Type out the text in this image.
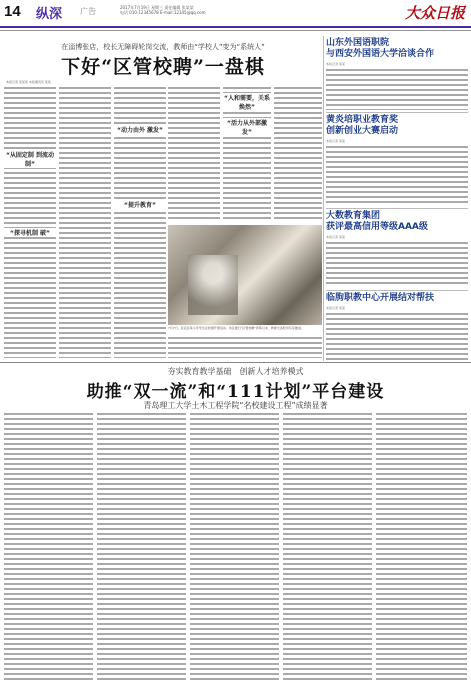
14 纵深 广告	2017年7月19日 星期三 责任编辑 张某某
电话 010-12345678 E-mail:12345@qq.com	大众日报
在淄博张店，校长无障碍轮岗交流，教师由“学校人”变为“系统人”
下好“区管校聘”一盘棋
本报记者 某某某 本报通讯员 某某
“从固定制 到流动制”
“探寻机制 破”
“提升教育”
“人和需要，关系焕然”
“活力从外部激发”
“动力由外 激发”
7月7日，张店区某小学学生在校园开展活动。该区推行“区管校聘”改革以来，教师交流轮岗有序推进。
山东外国语职院
与西安外国语大学洽谈合作
本报记者 某某
黄炎培职业教育奖
创新创业大赛启动
本报记者 某某
大数教育集团
获评最高信用等级AAA级
本报记者 某某
临朐职教中心开展结对帮扶
本报记者 某某
夯实教育教学基础　创新人才培养模式
助推“双一流”和“111计划”平台建设
青岛理工大学土木工程学院“名校建设工程”成绩显著
